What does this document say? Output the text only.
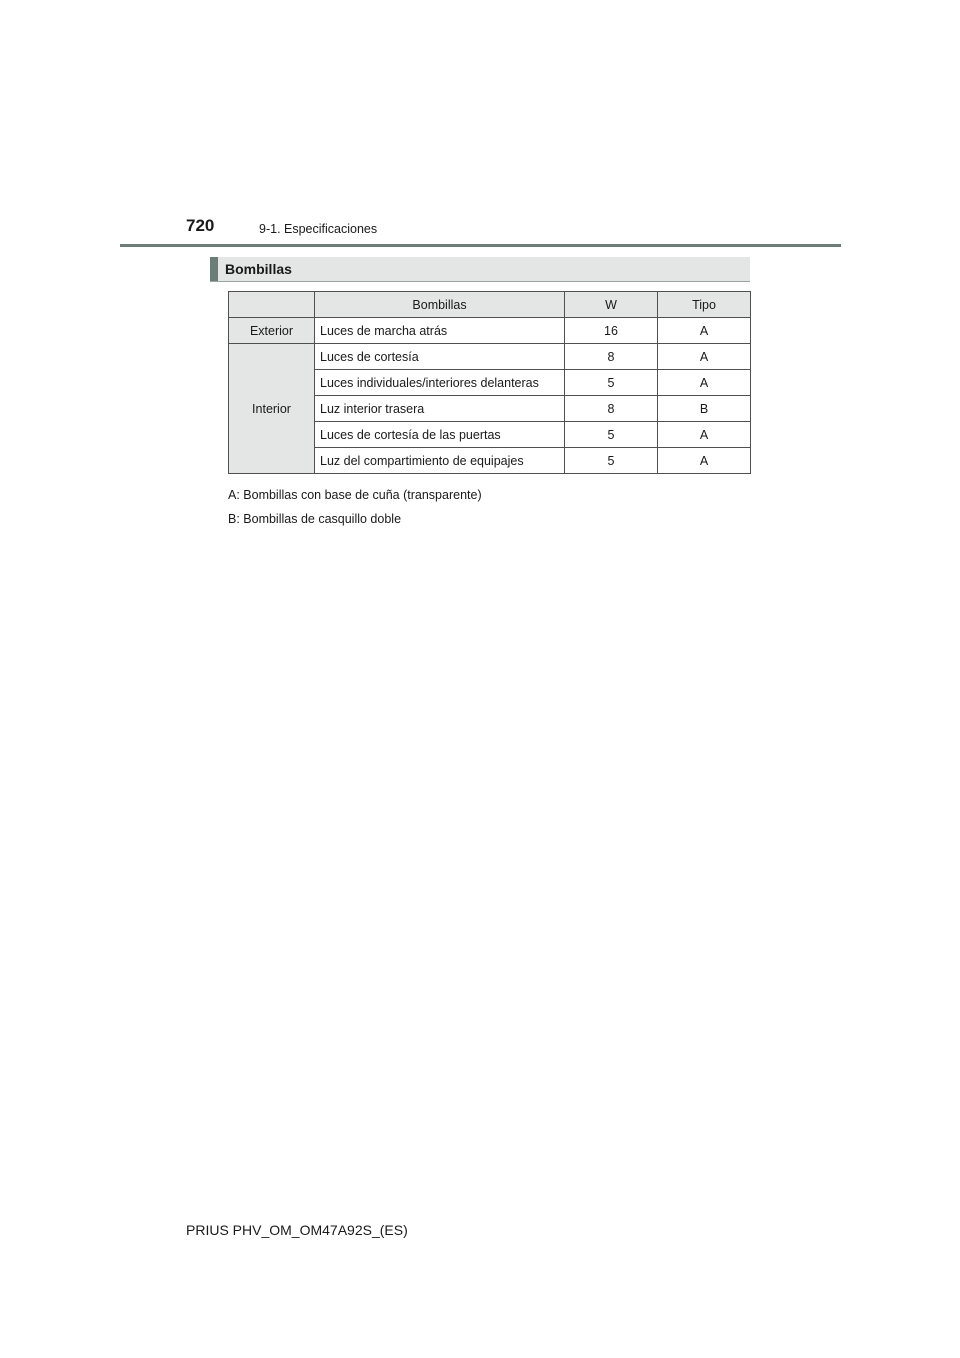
720	9-1. Especificaciones
Bombillas
	Bombillas	W	Tipo
Exterior	Luces de marcha atrás	16	A
Interior	Luces de cortesía	8	A
	Luces individuales/interiores delanteras	5	A
	Luz interior trasera	8	B
	Luces de cortesía de las puertas	5	A
	Luz del compartimiento de equipajes	5	A
A: Bombillas con base de cuña (transparente)
B: Bombillas de casquillo doble
PRIUS PHV_OM_OM47A92S_(ES)
